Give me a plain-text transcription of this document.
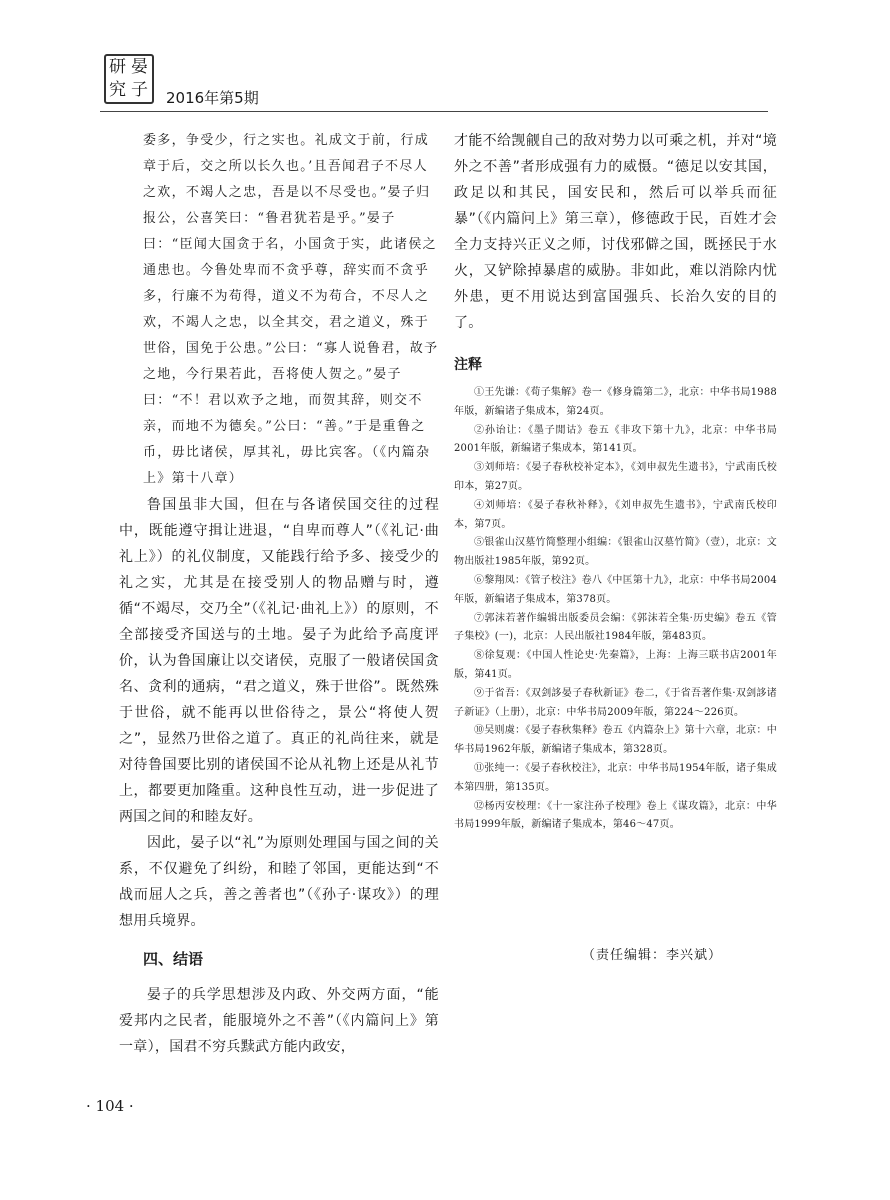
研 晏
究 子 2016年第5期

委多，争受少，行之实也。礼成文于前，行成章于后，交之所以长久也。’且吾闻君子不尽人之欢，不竭人之忠，吾是以不尽受也。”晏子归报公，公喜笑曰：“鲁君犹若是乎。”晏子曰：“臣闻大国贪于名，小国贪于实，此诸侯之通患也。今鲁处卑而不贪乎尊，辞实而不贪乎多，行廉不为苟得，道义不为苟合，不尽人之欢，不竭人之忠，以全其交，君之道义，殊于世俗，国免于公患。”公曰：“寡人说鲁君，故予之地，今行果若此，吾将使人贺之。”晏子曰：“不！君以欢予之地，而贺其辞，则交不亲，而地不为德矣。”公曰：“善。”于是重鲁之币，毋比诸侯，厚其礼，毋比宾客。（《内篇杂上》第十八章）

鲁国虽非大国，但在与各诸侯国交往的过程中，既能遵守揖让进退，“自卑而尊人”（《礼记·曲礼上》）的礼仪制度，又能践行给予多、接受少的礼之实，尤其是在接受别人的物品赠与时，遵循“不竭尽，交乃全”（《礼记·曲礼上》）的原则，不全部接受齐国送与的土地。晏子为此给予高度评价，认为鲁国廉让以交诸侯，克服了一般诸侯国贪名、贪利的通病，“君之道义，殊于世俗”。既然殊于世俗，就不能再以世俗待之，景公“将使人贺之”，显然乃世俗之道了。真正的礼尚往来，就是对待鲁国要比别的诸侯国不论从礼物上还是从礼节上，都要更加隆重。这种良性互动，进一步促进了两国之间的和睦友好。

因此，晏子以“礼”为原则处理国与国之间的关系，不仅避免了纠纷，和睦了邻国，更能达到“不战而屈人之兵，善之善者也”（《孙子·谋攻》）的理想用兵境界。

四、结语

晏子的兵学思想涉及内政、外交两方面，“能爱邦内之民者，能服境外之不善”（《内篇问上》第一章），国君不穷兵黩武方能内政安，

才能不给觊觎自己的敌对势力以可乘之机，并对“境外之不善”者形成强有力的威慑。“德足以安其国，政足以和其民，国安民和，然后可以举兵而征暴”（《内篇问上》第三章），修德政于民，百姓才会全力支持兴正义之师，讨伐邪僻之国，既拯民于水火，又铲除掉暴虐的威胁。非如此，难以消除内忧外患，更不用说达到富国强兵、长治久安的目的了。

注释

①王先谦：《荀子集解》卷一《修身篇第二》，北京：中华书局1988年版，新编诸子集成本，第24页。

②孙诒让：《墨子閒诂》卷五《非攻下第十九》，北京：中华书局2001年版，新编诸子集成本，第141页。

③刘师培：《晏子春秋校补定本》，《刘申叔先生遗书》，宁武南氏校印本，第27页。

④刘师培：《晏子春秋补释》，《刘申叔先生遗书》，宁武南氏校印本，第7页。

⑤银雀山汉墓竹简整理小组编：《银雀山汉墓竹简》（壹），北京：文物出版社1985年版，第92页。

⑥黎翔凤：《管子校注》卷八《中匡第十九》，北京：中华书局2004年版，新编诸子集成本，第378页。

⑦郭沫若著作编辑出版委员会编：《郭沫若全集·历史编》卷五《管子集校》(一)，北京：人民出版社1984年版，第483页。

⑧徐复观：《中国人性论史·先秦篇》，上海：上海三联书店2001年版，第41页。

⑨于省吾：《双剑誃晏子春秋新证》卷二，《于省吾著作集·双剑誃诸子新证》（上册），北京：中华书局2009年版，第224～226页。

⑩吴则虞：《晏子春秋集释》卷五《内篇杂上》第十六章，北京：中华书局1962年版，新编诸子集成本，第328页。

⑪张纯一：《晏子春秋校注》，北京：中华书局1954年版，诸子集成本第四册，第135页。

⑫杨丙安校理：《十一家注孙子校理》卷上《谋攻篇》，北京：中华书局1999年版，新编诸子集成本，第46～47页。

（责任编辑：李兴斌）
· 104 ·
